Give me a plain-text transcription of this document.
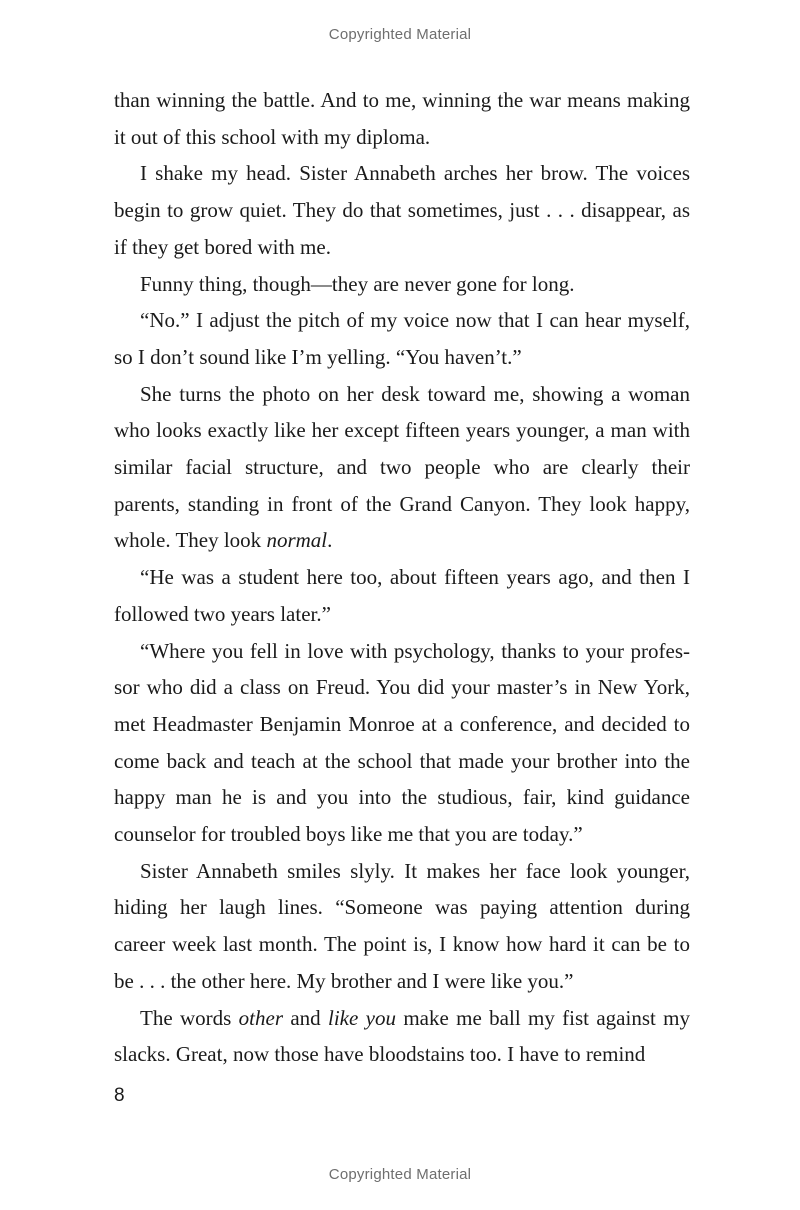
Copyrighted Material

than winning the battle. And to me, winning the war means making it out of this school with my diploma.

I shake my head. Sister Annabeth arches her brow. The voices begin to grow quiet. They do that sometimes, just . . . disappear, as if they get bored with me.

Funny thing, though—they are never gone for long.

“No.” I adjust the pitch of my voice now that I can hear myself, so I don’t sound like I’m yelling. “You haven’t.”

She turns the photo on her desk toward me, showing a woman who looks exactly like her except fifteen years younger, a man with similar facial structure, and two people who are clearly their parents, standing in front of the Grand Canyon. They look happy, whole. They look normal.

“He was a student here too, about fifteen years ago, and then I followed two years later.”

“Where you fell in love with psychology, thanks to your professor who did a class on Freud. You did your master’s in New York, met Headmaster Benjamin Monroe at a conference, and decided to come back and teach at the school that made your brother into the happy man he is and you into the studious, fair, kind guidance counselor for troubled boys like me that you are today.”

Sister Annabeth smiles slyly. It makes her face look younger, hiding her laugh lines. “Someone was paying attention during career week last month. The point is, I know how hard it can be to be . . . the other here. My brother and I were like you.”

The words other and like you make me ball my fist against my slacks. Great, now those have bloodstains too. I have to remind

8
Copyrighted Material
